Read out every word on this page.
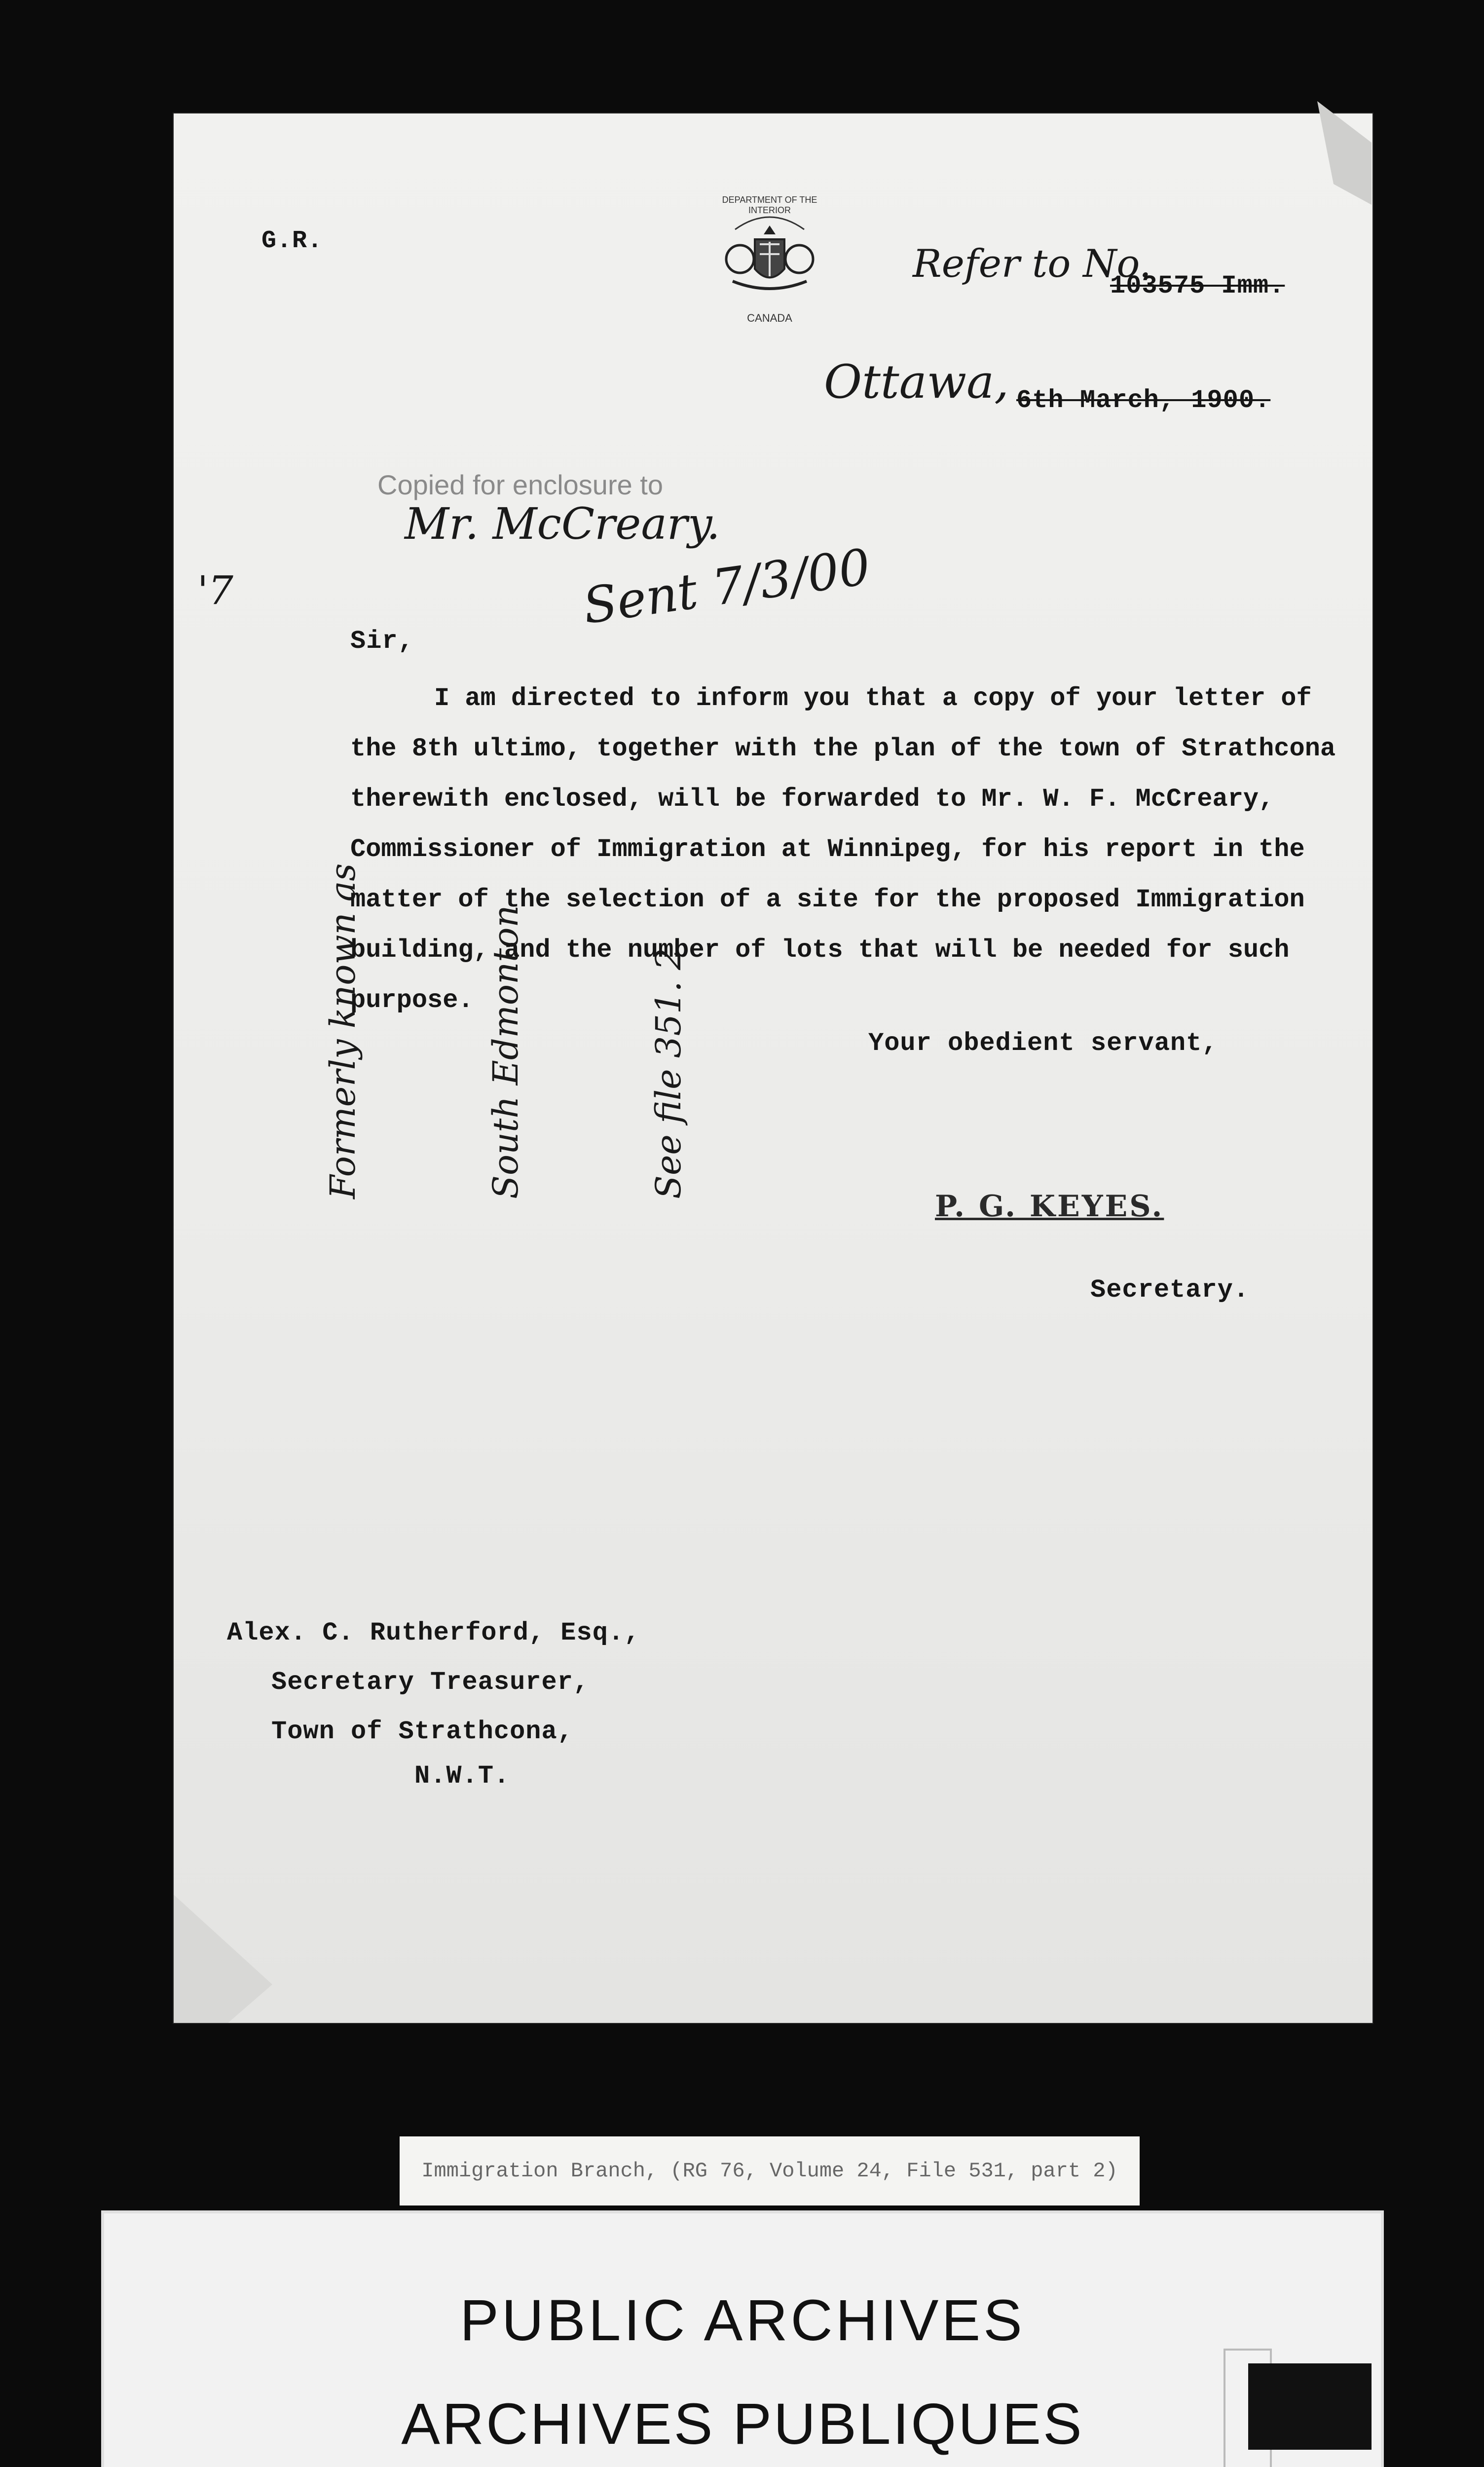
G.R.
DEPARTMENT OF THE INTERIOR
CANADA
Refer to No.
103575 Imm.
Ottawa, 6th March, 1900.
Copied for enclosure to
Mr. McCreary.
Sent 7/3/00
'7

Formerly known as

	South Edmonton

	See file 351. 2

Sir,
I am directed to inform you that a copy of your letter of
the 8th ultimo, together with the plan of the town of Strathcona
therewith enclosed, will be forwarded to Mr. W. F. McCreary,
Commissioner of Immigration at Winnipeg, for his report in the
matter of the selection of a site for the proposed Immigration
building, and the number of lots that will be needed for such
purpose.
Your obedient servant,
P. G. KEYES.
Secretary.
Alex. C. Rutherford, Esq.,
Secretary Treasurer,
Town of Strathcona,
N.W.T.
Immigration Branch, (RG 76, Volume 24, File 531, part 2)
PUBLIC ARCHIVES
ARCHIVES PUBLIQUES
